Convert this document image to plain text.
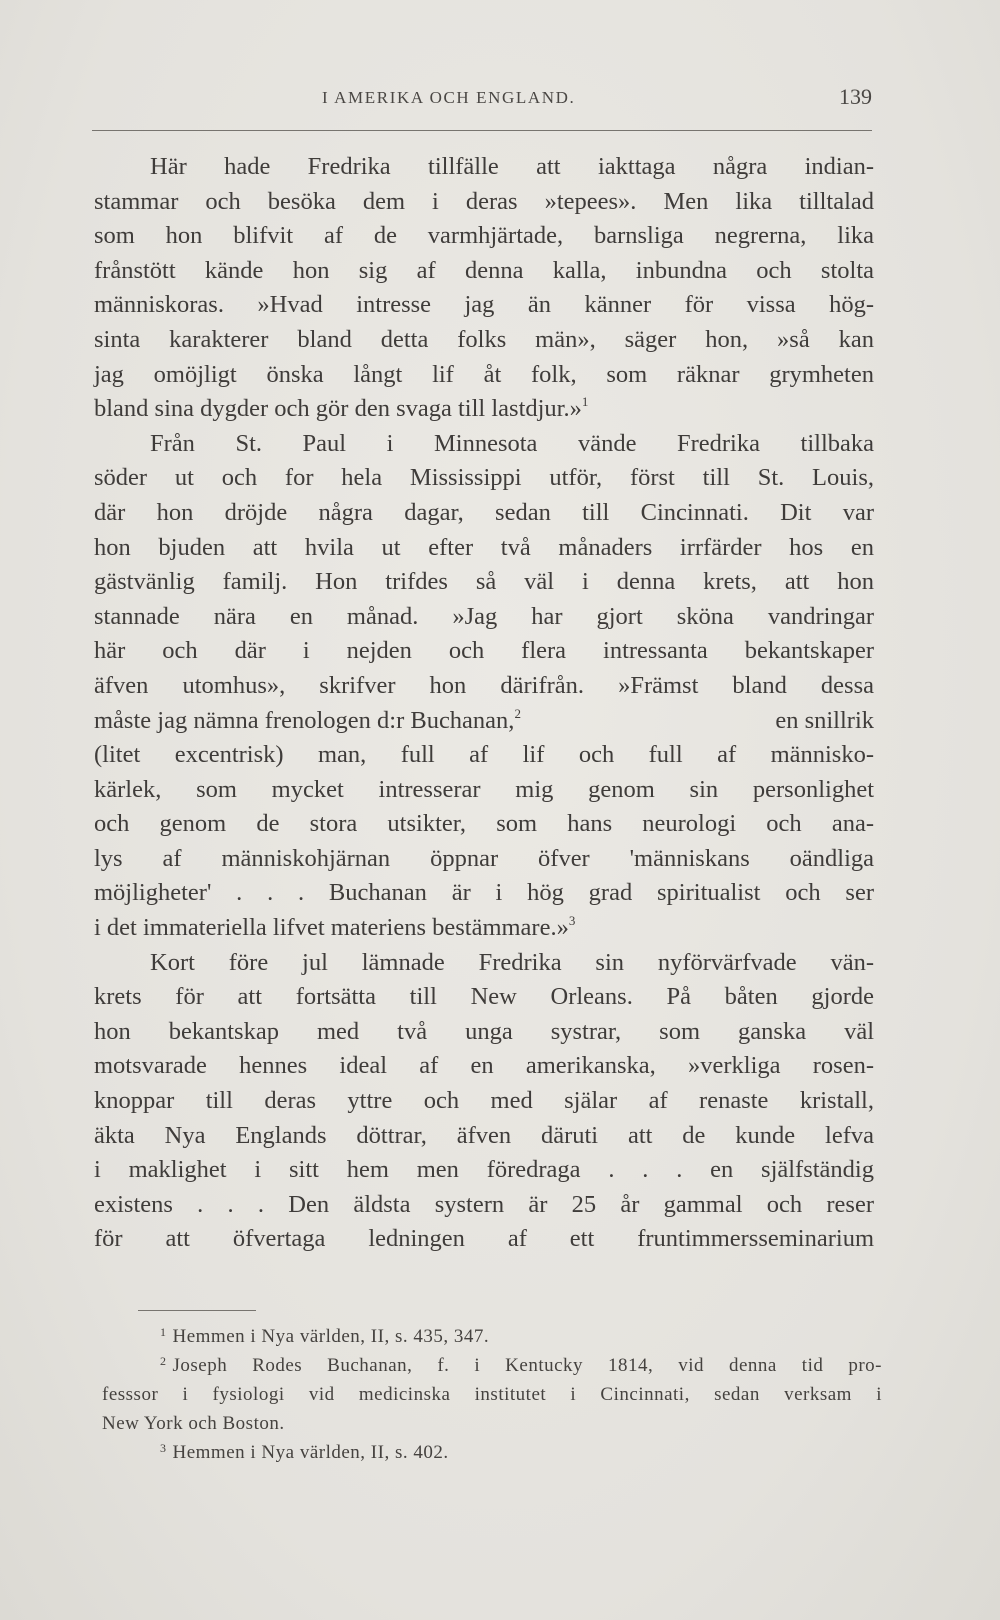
I AMERIKA OCH ENGLAND.	139
Här hade Fredrika tillfälle att iakttaga några indian-
stammar och besöka dem i deras »tepees». Men lika tilltalad
som hon blifvit af de varmhjärtade, barnsliga negrerna, lika
frånstött kände hon sig af denna kalla, inbundna och stolta
människoras. »Hvad intresse jag än känner för vissa hög-
sinta karakterer bland detta folks män», säger hon, »så kan
jag omöjligt önska långt lif åt folk, som räknar grymheten
bland sina dygder och gör den svaga till lastdjur.»$^1$
Från St. Paul i Minnesota vände Fredrika tillbaka
söder ut och for hela Mississippi utför, först till St. Louis,
där hon dröjde några dagar, sedan till Cincinnati. Dit var
hon bjuden att hvila ut efter två månaders irrfärder hos en
gästvänlig familj. Hon trifdes så väl i denna krets, att hon
stannade nära en månad. »Jag har gjort sköna vandringar
här och där i nejden och flera intressanta bekantskaper
äfven utomhus», skrifver hon därifrån. »Främst bland dessa
måste jag nämna frenologen d:r Buchanan,$^2$	en snillrik
(litet excentrisk) man, full af lif och full af människo-
kärlek, som mycket intresserar mig genom sin personlighet
och genom de stora utsikter, som hans neurologi och ana-
lys af människohjärnan öppnar öfver 'människans oändliga
möjligheter' . . . Buchanan är i hög grad spiritualist och ser
i det immateriella lifvet materiens bestämmare.»$^3$
Kort före jul lämnade Fredrika sin nyförvärfvade vän-
krets för att fortsätta till New Orleans. På båten gjorde
hon bekantskap med två unga systrar, som ganska väl
motsvarade hennes ideal af en amerikanska, »verkliga rosen-
knoppar till deras yttre och med själar af renaste kristall,
äkta Nya Englands döttrar, äfven däruti att de kunde lefva
i maklighet i sitt hem men föredraga . . . en själfständig
existens . . . Den äldsta systern är 25 år gammal och reser
för att öfvertaga ledningen af ett fruntimmersseminarium
$^1$ Hemmen i Nya världen, II, s. 435, 347.
$^2$ Joseph Rodes Buchanan, f. i Kentucky 1814, vid denna tid pro-
fesssor i fysiologi vid medicinska institutet i Cincinnati, sedan verksam i
New York och Boston.
$^3$ Hemmen i Nya världen, II, s. 402.
